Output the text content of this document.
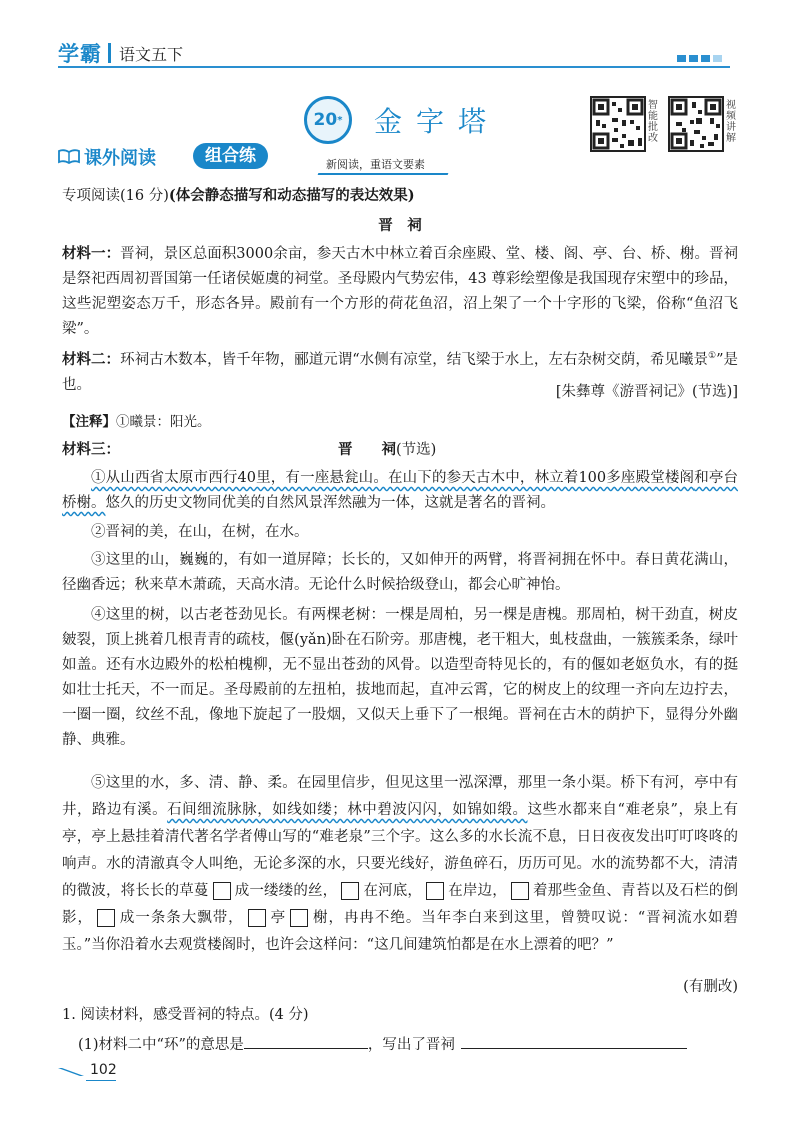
学霸 语文五下
20 * 金字塔	智能批改
视频讲解
课外阅读	组合练	新阅读，重语文要素
专项阅读(16 分)(体会静态描写和动态描写的表达效果)
晋　祠
材料一：晋祠，景区总面积3000余亩，参天古木中林立着百余座殿、堂、楼、阁、亭、台、桥、榭。晋祠是祭祀西周初晋国第一任诸侯姬虞的祠堂。圣母殿内气势宏伟，43 尊彩绘塑像是我国现存宋塑中的珍品，这些泥塑姿态万千，形态各异。殿前有一个方形的荷花鱼沼，沼上架了一个十字形的飞梁，俗称“鱼沼飞梁”。
材料二：环祠古木数本，皆千年物，郦道元谓“水侧有凉堂，结飞梁于水上，左右杂树交荫，希见曦景①”是也。	[朱彝尊《游晋祠记》(节选)]
【注释】①曦景：阳光。
材料三：	晋　　祠(节选)
①从山西省太原市西行40里，有一座悬瓮山。在山下的参天古木中，林立着100多座殿堂楼阁和亭台桥榭。悠久的历史文物同优美的自然风景浑然融为一体，这就是著名的晋祠。
②晋祠的美，在山，在树，在水。
③这里的山，巍巍的，有如一道屏障；长长的，又如伸开的两臂，将晋祠拥在怀中。春日黄花满山，径幽香远；秋来草木萧疏，天高水清。无论什么时候拾级登山，都会心旷神怡。
④这里的树，以古老苍劲见长。有两棵老树：一棵是周柏，另一棵是唐槐。那周柏，树干劲直，树皮皴裂，顶上挑着几根青青的疏枝，偃(yǎn)卧在石阶旁。那唐槐，老干粗大，虬枝盘曲，一簇簇柔条，绿叶如盖。还有水边殿外的松柏槐柳，无不显出苍劲的风骨。以造型奇特见长的，有的偃如老妪负水，有的挺如壮士托天，不一而足。圣母殿前的左扭柏，拔地而起，直冲云霄，它的树皮上的纹理一齐向左边拧去，一圈一圈，纹丝不乱，像地下旋起了一股烟，又似天上垂下了一根绳。晋祠在古木的荫护下，显得分外幽静、典雅。
⑤这里的水，多、清、静、柔。在园里信步，但见这里一泓深潭，那里一条小渠。桥下有河，亭中有井，路边有溪。石间细流脉脉，如线如缕；林中碧波闪闪，如锦如缎。这些水都来自“难老泉”，泉上有亭，亭上悬挂着清代著名学者傅山写的“难老泉”三个字。这么多的水长流不息，日日夜夜发出叮叮咚咚的响声。水的清澈真令人叫绝，无论多深的水，只要光线好，游鱼碎石，历历可见。水的流势都不大，清清的微波，将长长的草蔓 成一缕缕的丝， 在河底， 在岸边， 着那些金鱼、青苔以及石栏的倒影， 成一条条大飘带， 亭 榭，冉冉不绝。当年李白来到这里，曾赞叹说：“晋祠流水如碧玉。”当你沿着水去观赏楼阁时，也许会这样问：“这几间建筑怕都是在水上漂着的吧？”
(有删改)
1. 阅读材料，感受晋祠的特点。(4 分)
(1)材料二中“环”的意思是	，写出了晋祠
102
